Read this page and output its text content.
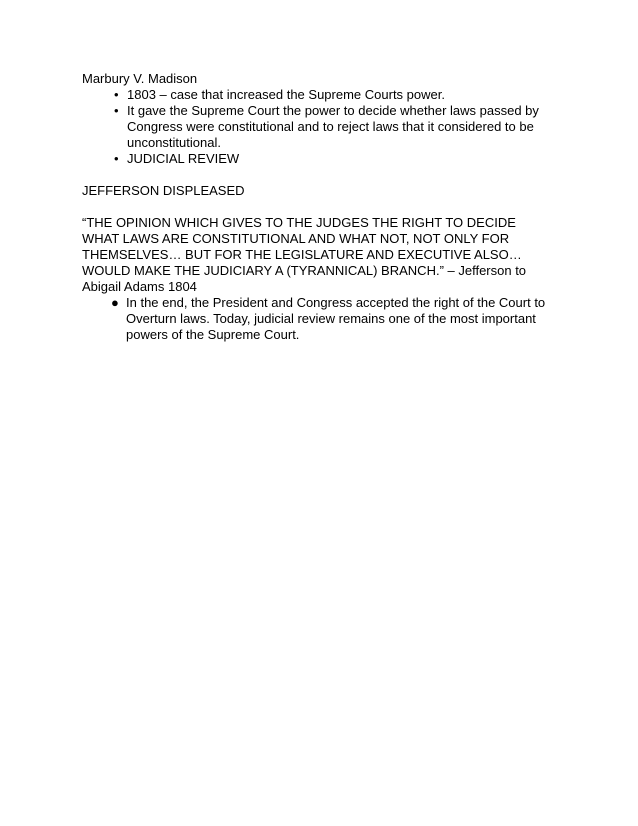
Marbury V. Madison
• 1803 – case that increased the Supreme Courts power.
• It gave the Supreme Court the power to decide whether laws passed by
Congress were constitutional and to reject laws that it considered to be
unconstitutional.
• JUDICIAL REVIEW
JEFFERSON DISPLEASED
“THE OPINION WHICH GIVES TO THE JUDGES THE RIGHT TO DECIDE
WHAT LAWS ARE CONSTITUTIONAL AND WHAT NOT, NOT ONLY FOR
THEMSELVES… BUT FOR THE LEGISLATURE AND EXECUTIVE ALSO…
WOULD MAKE THE JUDICIARY A (TYRANNICAL) BRANCH.” – Jefferson to
Abigail Adams 1804
● In the end, the President and Congress accepted the right of the Court to
Overturn laws. Today, judicial review remains one of the most important
powers of the Supreme Court.
